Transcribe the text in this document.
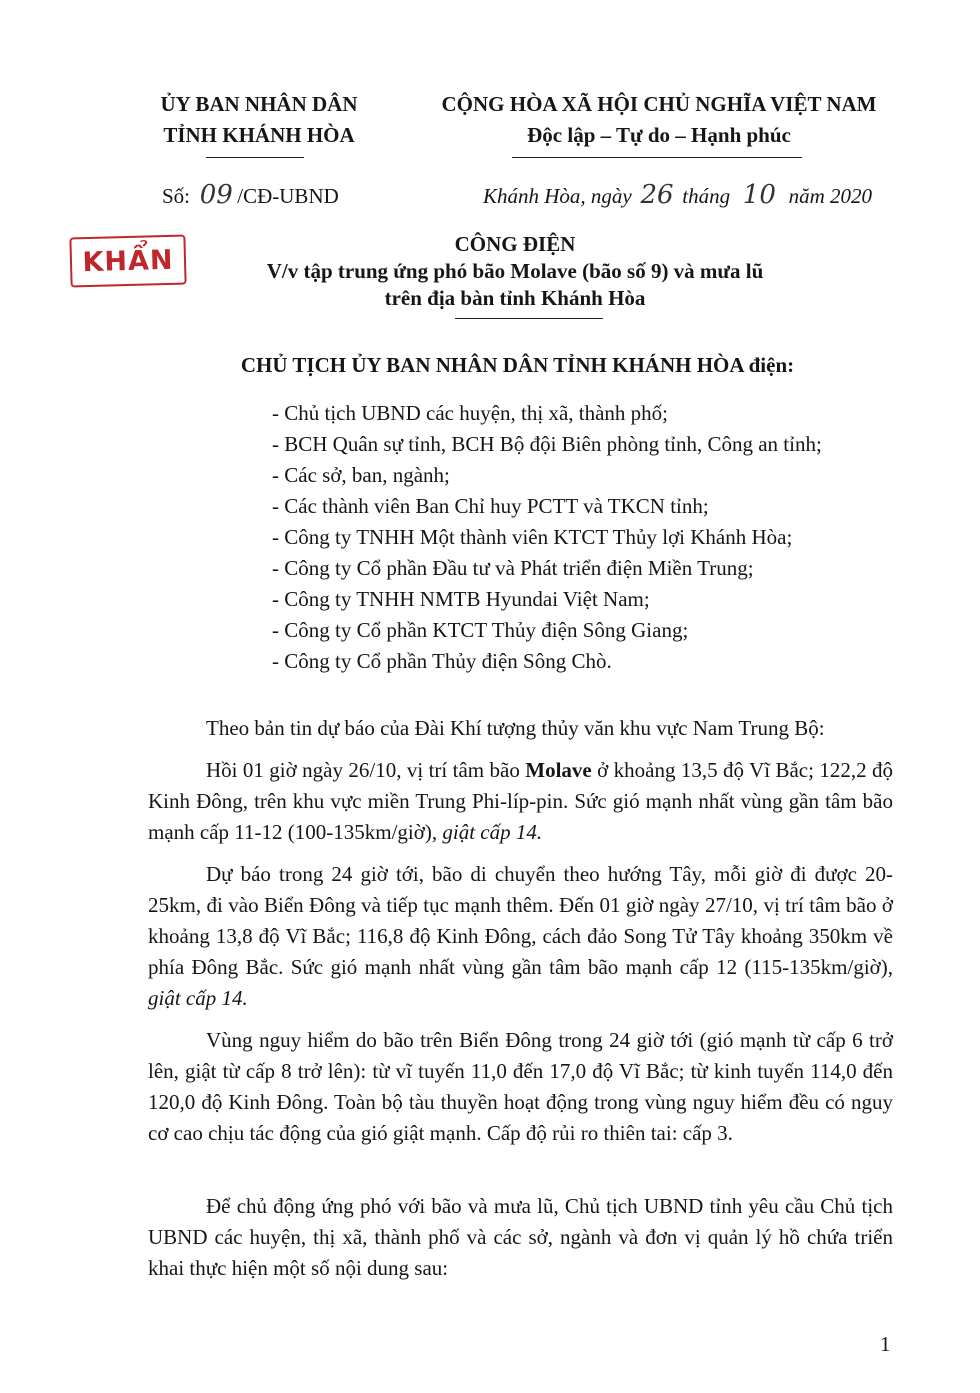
ỦY BAN NHÂN DÂN
TỈNH KHÁNH HÒA
CỘNG HÒA XÃ HỘI CHỦ NGHĨA VIỆT NAM
Độc lập – Tự do – Hạnh phúc
Số: 09 /CĐ-UBND	Khánh Hòa, ngày 26 tháng 10 năm 2020
KHẨN
CÔNG ĐIỆN
V/v tập trung ứng phó bão Molave (bão số 9) và mưa lũ
trên địa bàn tỉnh Khánh Hòa
CHỦ TỊCH ỦY BAN NHÂN DÂN TỈNH KHÁNH HÒA điện:
- Chủ tịch UBND các huyện, thị xã, thành phố;
- BCH Quân sự tỉnh, BCH Bộ đội Biên phòng tỉnh, Công an tỉnh;
- Các sở, ban, ngành;
- Các thành viên Ban Chỉ huy PCTT và TKCN tỉnh;
- Công ty TNHH Một thành viên KTCT Thủy lợi Khánh Hòa;
- Công ty Cổ phần Đầu tư và Phát triển điện Miền Trung;
- Công ty TNHH NMTB Hyundai Việt Nam;
- Công ty Cổ phần KTCT Thủy điện Sông Giang;
- Công ty Cổ phần Thủy điện Sông Chò.
Theo bản tin dự báo của Đài Khí tượng thủy văn khu vực Nam Trung Bộ:
Hồi 01 giờ ngày 26/10, vị trí tâm bão Molave ở khoảng 13,5 độ Vĩ Bắc; 122,2 độ Kinh Đông, trên khu vực miền Trung Phi-líp-pin. Sức gió mạnh nhất vùng gần tâm bão mạnh cấp 11-12 (100-135km/giờ), giật cấp 14.
Dự báo trong 24 giờ tới, bão di chuyển theo hướng Tây, mỗi giờ đi được 20-25km, đi vào Biển Đông và tiếp tục mạnh thêm. Đến 01 giờ ngày 27/10, vị trí tâm bão ở khoảng 13,8 độ Vĩ Bắc; 116,8 độ Kinh Đông, cách đảo Song Tử Tây khoảng 350km về phía Đông Bắc. Sức gió mạnh nhất vùng gần tâm bão mạnh cấp 12 (115-135km/giờ), giật cấp 14.
Vùng nguy hiểm do bão trên Biển Đông trong 24 giờ tới (gió mạnh từ cấp 6 trở lên, giật từ cấp 8 trở lên): từ vĩ tuyến 11,0 đến 17,0 độ Vĩ Bắc; từ kinh tuyến 114,0 đến 120,0 độ Kinh Đông. Toàn bộ tàu thuyền hoạt động trong vùng nguy hiểm đều có nguy cơ cao chịu tác động của gió giật mạnh. Cấp độ rủi ro thiên tai: cấp 3.
Để chủ động ứng phó với bão và mưa lũ, Chủ tịch UBND tỉnh yêu cầu Chủ tịch UBND các huyện, thị xã, thành phố và các sở, ngành và đơn vị quản lý hồ chứa triển khai thực hiện một số nội dung sau:
1
